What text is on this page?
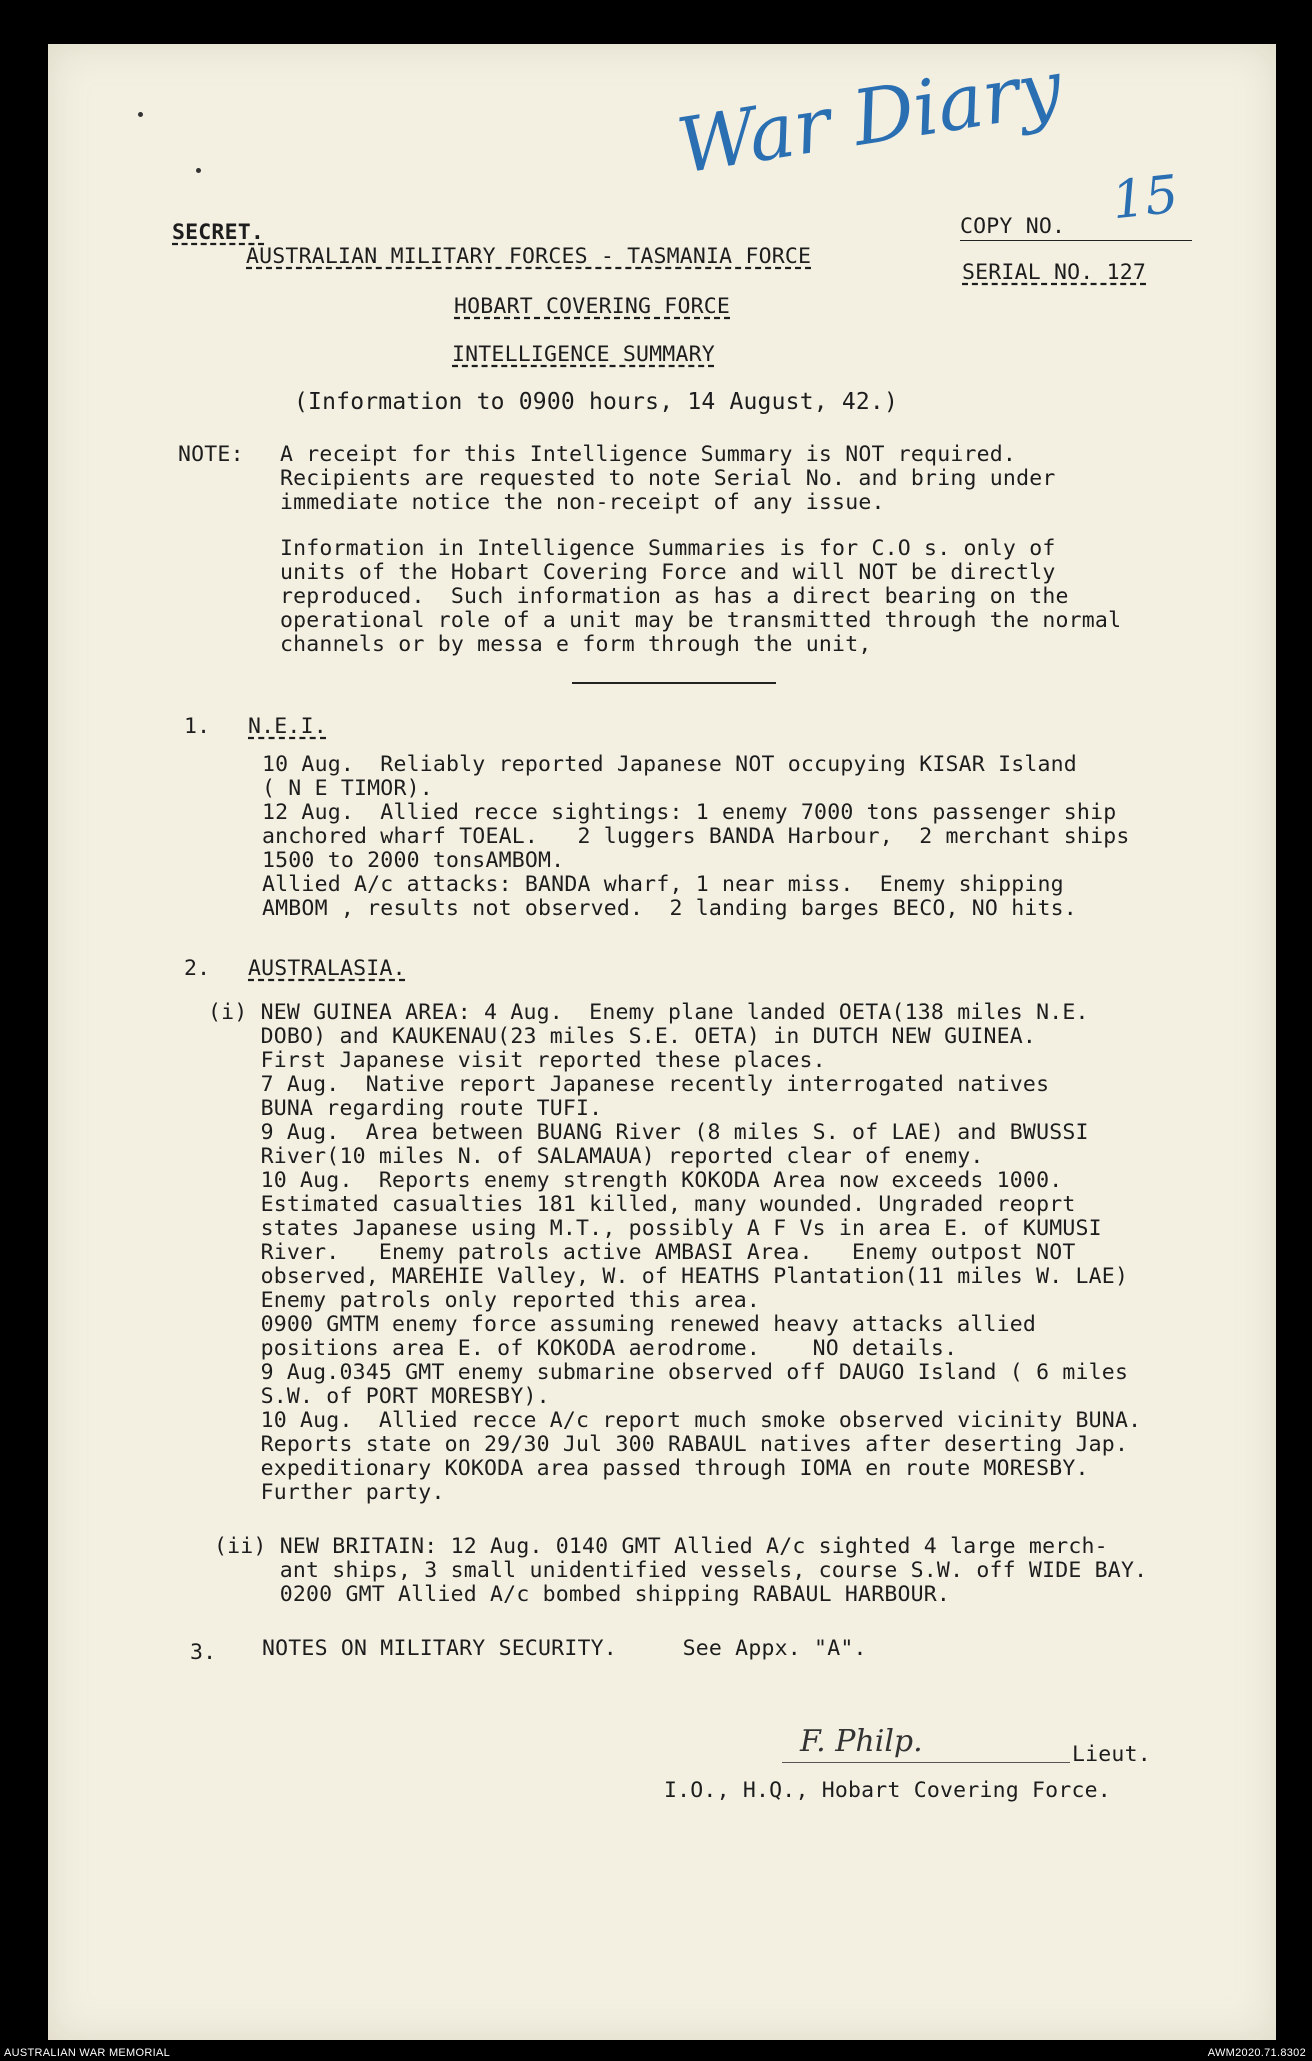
War Diary
15
SECRET.
AUSTRALIAN MILITARY FORCES - TASMANIA FORCE
HOBART COVERING FORCE
INTELLIGENCE SUMMARY
(Information to 0900 hours, 14 August, 42.)
COPY NO.
SERIAL NO. 127
NOTE: A receipt for this Intelligence Summary is NOT required.
Recipients are requested to note Serial No. and bring under
immediate notice the non-receipt of any issue.
Information in Intelligence Summaries is for C.O s. only of
units of the Hobart Covering Force and will NOT be directly
reproduced.  Such information as has a direct bearing on the
operational role of a unit may be transmitted through the normal
channels or by messa e form through the unit,
1. N.E.I.
10 Aug.  Reliably reported Japanese NOT occupying KISAR Island
( N E TIMOR).
12 Aug.  Allied recce sightings: 1 enemy 7000 tons passenger ship
anchored wharf TOEAL.   2 luggers BANDA Harbour,  2 merchant ships
1500 to 2000 tonsAMBOM.
Allied A/c attacks: BANDA wharf, 1 near miss.  Enemy shipping
AMBOM , results not observed.  2 landing barges BECO, NO hits.
2. AUSTRALASIA.
(i) NEW GUINEA AREA: 4 Aug.  Enemy plane landed OETA(138 miles N.E.
DOBO) and KAUKENAU(23 miles S.E. OETA) in DUTCH NEW GUINEA.
First Japanese visit reported these places.
7 Aug.  Native report Japanese recently interrogated natives
BUNA regarding route TUFI.
9 Aug.  Area between BUANG River (8 miles S. of LAE) and BWUSSI
River(10 miles N. of SALAMAUA) reported clear of enemy.
10 Aug.  Reports enemy strength KOKODA Area now exceeds 1000.
Estimated casualties 181 killed, many wounded. Ungraded reoprt
states Japanese using M.T., possibly A F Vs in area E. of KUMUSI
River.   Enemy patrols active AMBASI Area.   Enemy outpost NOT
observed, MAREHIE Valley, W. of HEATHS Plantation(11 miles W. LAE)
Enemy patrols only reported this area.
0900 GMTM enemy force assuming renewed heavy attacks allied
positions area E. of KOKODA aerodrome.    NO details.
9 Aug.0345 GMT enemy submarine observed off DAUGO Island ( 6 miles
S.W. of PORT MORESBY).
10 Aug.  Allied recce A/c report much smoke observed vicinity BUNA.
Reports state on 29/30 Jul 300 RABAUL natives after deserting Jap.
expeditionary KOKODA area passed through IOMA en route MORESBY.
Further party.
(ii) NEW BRITAIN: 12 Aug. 0140 GMT Allied A/c sighted 4 large merch-
ant ships, 3 small unidentified vessels, course S.W. off WIDE BAY.
0200 GMT Allied A/c bombed shipping RABAUL HARBOUR.
3. NOTES ON MILITARY SECURITY.     See Appx. "A".
F. Philp.	Lieut.
I.O., H.Q., Hobart Covering Force.
AUSTRALIAN WAR MEMORIAL	AWM2020.71.8302
